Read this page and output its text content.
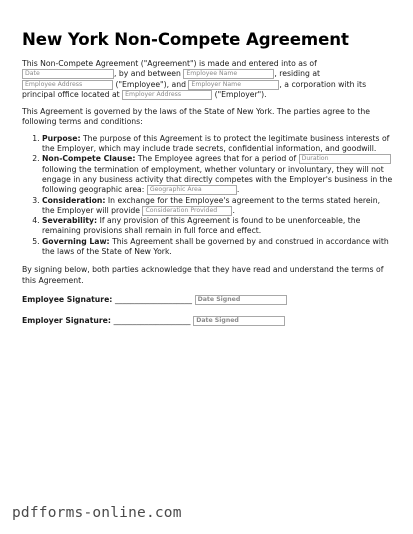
New York Non-Compete Agreement
This Non-Compete Agreement ("Agreement") is made and entered into as of Date	, by and between Employee Name	, residing at Employee Address	("Employee"), and Employer Name	, a corporation with its principal office located at Employer Address	("Employer").
This Agreement is governed by the laws of the State of New York. The parties agree to the following terms and conditions:
1. Purpose: The purpose of this Agreement is to protect the legitimate business interests of the Employer, which may include trade secrets, confidential information, and goodwill.
2. Non-Compete Clause: The Employee agrees that for a period of Duration following the termination of employment, whether voluntary or involuntary, they will not engage in any business activity that directly competes with the Employer's business in the following geographic area: Geographic Area	.
3. Consideration: In exchange for the Employee's agreement to the terms stated herein, the Employer will provide Consideration Provided .
4. Severability: If any provision of this Agreement is found to be unenforceable, the remaining provisions shall remain in full force and effect.
5. Governing Law: This Agreement shall be governed by and construed in accordance with the laws of the State of New York.
By signing below, both parties acknowledge that they have read and understand the terms of this Agreement.
Employee Signature: ____________________ Date Signed
Employer Signature: ____________________ Date Signed
pdfforms-online.com
